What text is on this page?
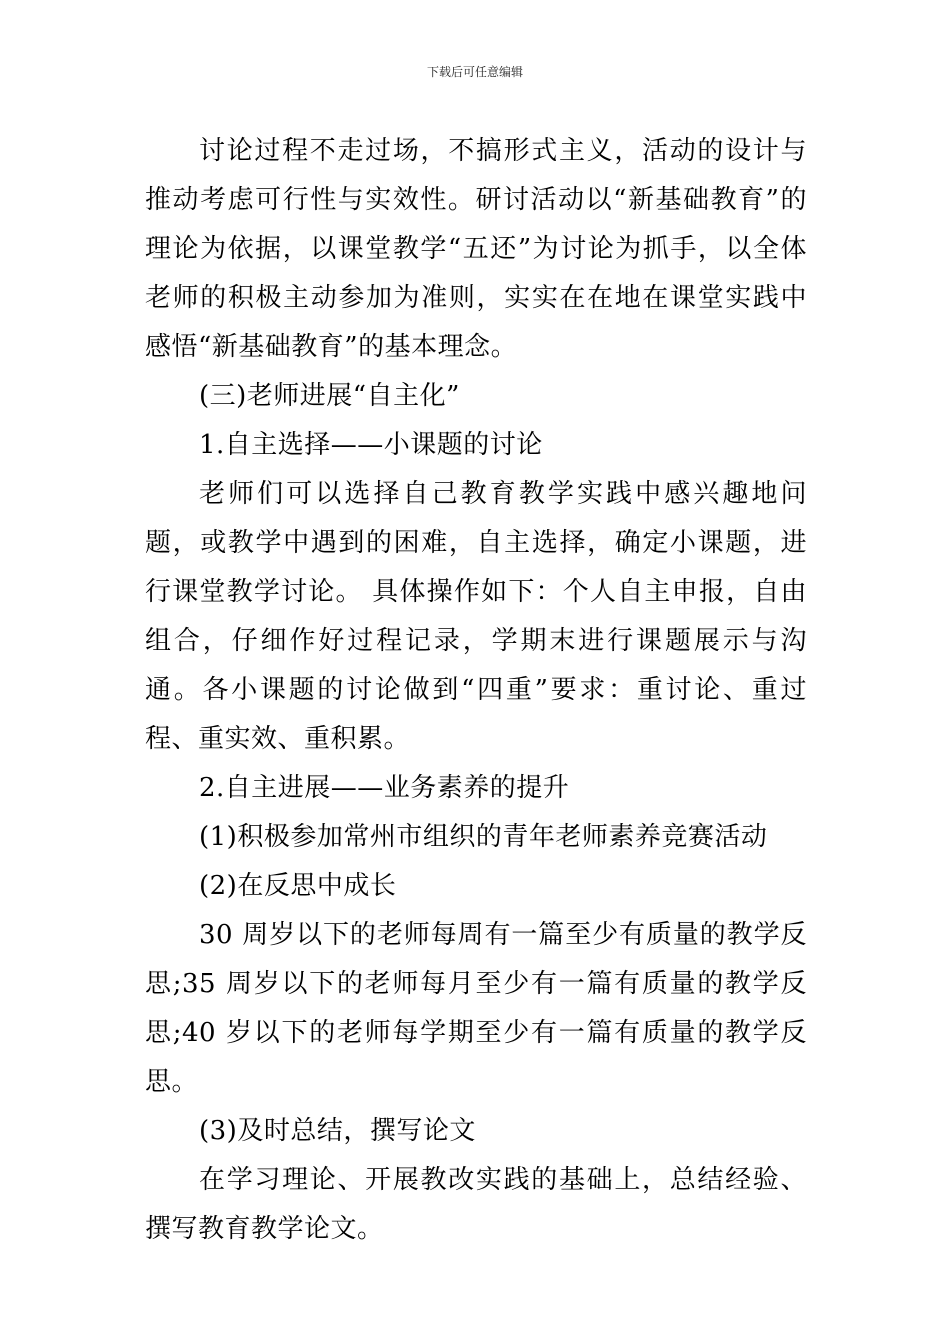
下载后可任意编辑

讨论过程不走过场，不搞形式主义，活动的设计与推动考虑可行性与实效性。研讨活动以“新基础教育”的理论为依据，以课堂教学“五还”为讨论为抓手，以全体老师的积极主动参加为准则，实实在在地在课堂实践中感悟“新基础教育”的基本理念。

(三)老师进展“自主化”

1.自主选择——小课题的讨论

老师们可以选择自己教育教学实践中感兴趣地问题，或教学中遇到的困难，自主选择，确定小课题，进行课堂教学讨论。 具体操作如下：个人自主申报，自由组合，仔细作好过程记录，学期末进行课题展示与沟通。各小课题的讨论做到“四重”要求：重讨论、重过程、重实效、重积累。

2.自主进展——业务素养的提升

(1)积极参加常州市组织的青年老师素养竞赛活动

(2)在反思中成长

30 周岁以下的老师每周有一篇至少有质量的教学反思;35 周岁以下的老师每月至少有一篇有质量的教学反思;40 岁以下的老师每学期至少有一篇有质量的教学反思。

(3)及时总结，撰写论文

在学习理论、开展教改实践的基础上，总结经验、撰写教育教学论文。
